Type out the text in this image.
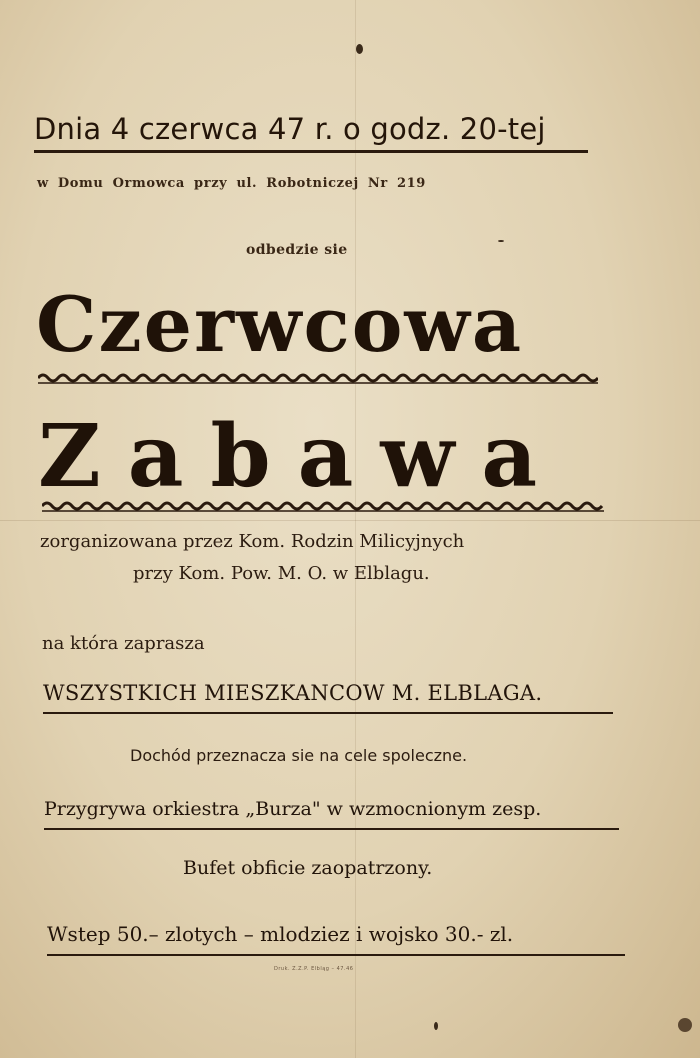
Dnia 4 czerwca 47 r. o godz. 20-tej
w Domu Ormowca przy ul. Robotniczej Nr 219
odbedzie sie
Czerwcowa
Zabawa
zorganizowana przez Kom. Rodzin Milicyjnych
przy Kom. Pow. M. O. w Elblagu.
na która zaprasza
WSZYSTKICH MIESZKANCOW M. ELBLAGA.
Dochód przeznacza sie na cele spoleczne.
Przygrywa orkiestra „Burza" w wzmocnionym zesp.
Bufet obficie zaopatrzony.
Wstep 50.– zlotych – mlodziez i wojsko 30.- zl.
Druk. Z.Z.P. Elbląg – 47.46
